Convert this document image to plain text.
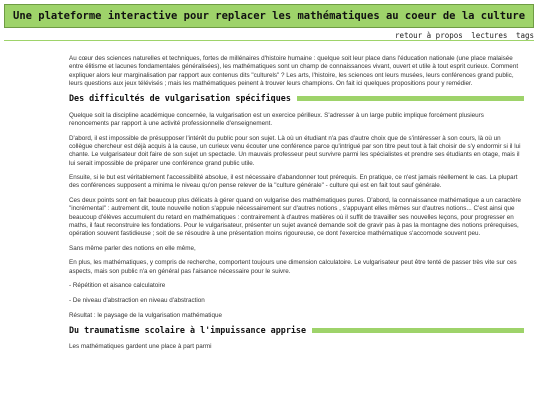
Une plateforme interactive pour replacer les mathématiques au coeur de la culture
retour à propos lectures tags

Au cœur des sciences naturelles et techniques, fortes de millénaires d'histoire humaine : quelque soit leur place dans l'éducation nationale (une place malaisée entre élitisme et lacunes fondamentales généralisées), les mathématiques sont un champ de connaissances vivant, ouvert et utile à tout esprit curieux. Comment expliquer alors leur marginalisation par rapport aux contenus dits "culturels" ? Les arts, l'histoire, les sciences ont leurs musées, leurs conférences grand public, leurs questions aux jeux télévisés ; mais les mathématiques peinent à trouver leurs champions. On fait ici quelques propositions pour y remédier.

Des difficultés de vulgarisation spécifiques

Quelque soit la discipline académique concernée, la vulgarisation est un exercice périlleux. S'adresser à un large public implique forcément plusieurs renoncements par rapport à une activité professionnelle d'enseignement.

D'abord, il est impossible de présupposer l'intérêt du public pour son sujet. Là où un étudiant n'a pas d'autre choix que de s'intéresser à son cours, là où un collègue chercheur est déjà acquis à la cause, un curieux venu écouter une conférence parce qu'intrigué par son titre peut tout à fait choisir de s'y endormir si il lui chante. Le vulgarisateur doit faire de son sujet un spectacle. Un mauvais professeur peut survivre parmi les spécialistes et prendre ses étudiants en otage, mais il lui serait impossible de préparer une conférence grand public utile.

Ensuite, si le but est véritablement l'accessibilité absolue, il est nécessaire d'abandonner tout prérequis. En pratique, ce n'est jamais réellement le cas. La plupart des conférences supposent a minima le niveau qu'on pense relever de la "culture générale" - culture qui est en fait tout sauf générale.

Ces deux points sont en fait beaucoup plus délicats à gérer quand on vulgarise des mathématiques pures. D'abord, la connaissance mathématique a un caractère "incrémental" : autrement dit, toute nouvelle notion s'appuie nécessairement sur d'autres notions , s'appuyant elles mêmes sur d'autres notions... C'est ainsi que beaucoup d'élèves accumulent du retard en mathématiques : contrairement à d'autres matières où il suffit de travailler ses nouvelles leçons, pour progresser en maths, il faut reconstruire les fondations. Pour le vulgarisateur, présenter un sujet avancé demande soit de gravir pas à pas la montagne des notions prérequises, opération souvent fastidieuse ; soit de se résoudre à une présentation moins rigoureuse, ce dont l'exercice mathématique s'accomode souvent peu.

Sans même parler des notions en elle même,

En plus, les mathématiques, y compris de recherche, comportent toujours une dimension calculatoire. Le vulgarisateur peut être tenté de passer très vite sur ces aspects, mais son public n'a en général pas l'aisance nécessaire pour le suivre.

- Répétition et aisance calculatoire

- De niveau d'abstraction en niveau d'abstraction

Résultat : le paysage de la vulgarisation mathématique

Du traumatisme scolaire à l'impuissance apprise

Les mathématiques gardent une place à part parmi
